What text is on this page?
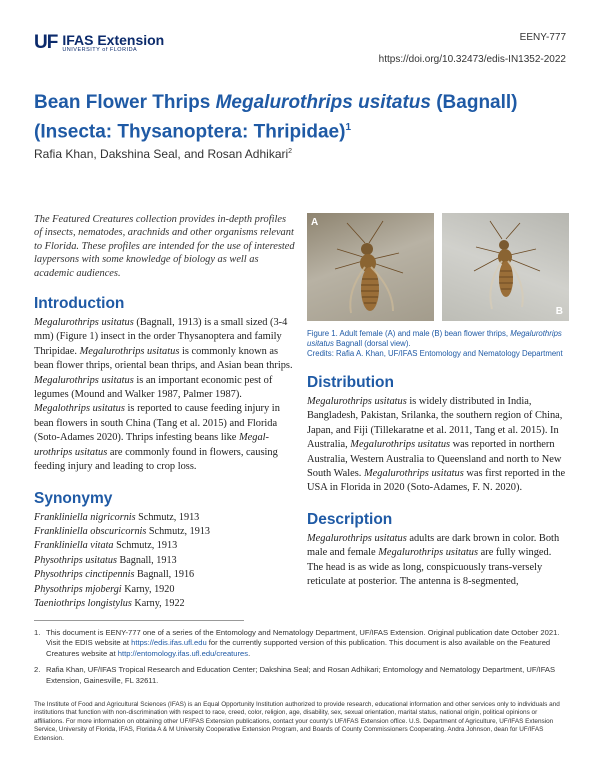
UF IFAS Extension
UNIVERSITY of FLORIDA
EENY-777
https://doi.org/10.32473/edis-IN1352-2022
Bean Flower Thrips Megalurothrips usitatus (Bagnall) (Insecta: Thysanoptera: Thripidae)$^1$
Rafia Khan, Dakshina Seal, and Rosan Adhikari$^2$

The Featured Creatures collection provides in-depth profiles of insects, nematodes, arachnids and other organisms relevant to Florida. These profiles are intended for the use of interested laypersons with some knowledge of biology as well as academic audiences.

Introduction

Megalurothrips usitatus (Bagnall, 1913) is a small sized (3-4 mm) (Figure 1) insect in the order Thysanoptera and family Thripidae. Megalurothrips usitatus is commonly known as bean flower thrips, oriental bean thrips, and Asian bean thrips. Megalurothrips usitatus is an important economic pest of legumes (Mound and Walker 1987, Palmer 1987). Megalothrips usitatus is reported to cause feeding injury in bean flowers in south China (Tang et al. 2015) and Florida (Soto-Adames 2020). Thrips infesting beans like Megal-urothrips usitatus are commonly found in flowers, causing feeding injury and leading to crop loss.

Synonymy
Frankliniella nigricornis Schmutz, 1913
Frankliniella obscuricornis Schmutz, 1913
Frankliniella vitata Schmutz, 1913
Physothrips usitatus Bagnall, 1913
Physothrips cinctipennis Bagnall, 1916
Physothrips mjobergi Karny, 1920
Taeniothrips longistylus Karny, 1922
A
B
Figure 1. Adult female (A) and male (B) bean flower thrips, Megalurothrips usitatus Bagnall (dorsal view).
Credits: Rafia A. Khan, UF/IFAS Entomology and Nematology Department
Distribution

Megalurothrips usitatus is widely distributed in India, Bangladesh, Pakistan, Srilanka, the southern region of China, Japan, and Fiji (Tillekaratne et al. 2011, Tang et al. 2015). In Australia, Megalurothrips usitatus was reported in northern Australia, Western Australia to Queensland and north to New South Wales. Megalurothrips usitatus was first reported in the USA in Florida in 2020 (Soto-Adames, F. N. 2020).

Description

Megalurothrips usitatus adults are dark brown in color. Both male and female Megalurothrips usitatus are fully winged. The head is as wide as long, conspicuously trans-versely reticulate at posterior. The antenna is 8-segmented,

1. This document is EENY-777 one of a series of the Entomology and Nematology Department, UF/IFAS Extension. Original publication date October 2021. Visit the EDIS website at https://edis.ifas.ufl.edu for the currently supported version of this publication. This document is also available on the Featured Creatures website at http://entomology.ifas.ufl.edu/creatures.
2. Rafia Khan, UF/IFAS Tropical Research and Education Center; Dakshina Seal; and Rosan Adhikari; Entomology and Nematology Department, UF/IFAS Extension, Gainesville, FL 32611.
The Institute of Food and Agricultural Sciences (IFAS) is an Equal Opportunity Institution authorized to provide research, educational information and other services only to individuals and institutions that function with non-discrimination with respect to race, creed, color, religion, age, disability, sex, sexual orientation, marital status, national origin, political opinions or affiliations. For more information on obtaining other UF/IFAS Extension publications, contact your county's UF/IFAS Extension office. U.S. Department of Agriculture, UF/IFAS Extension Service, University of Florida, IFAS, Florida A & M University Cooperative Extension Program, and Boards of County Commissioners Cooperating. Andra Johnson, dean for UF/IFAS Extension.
